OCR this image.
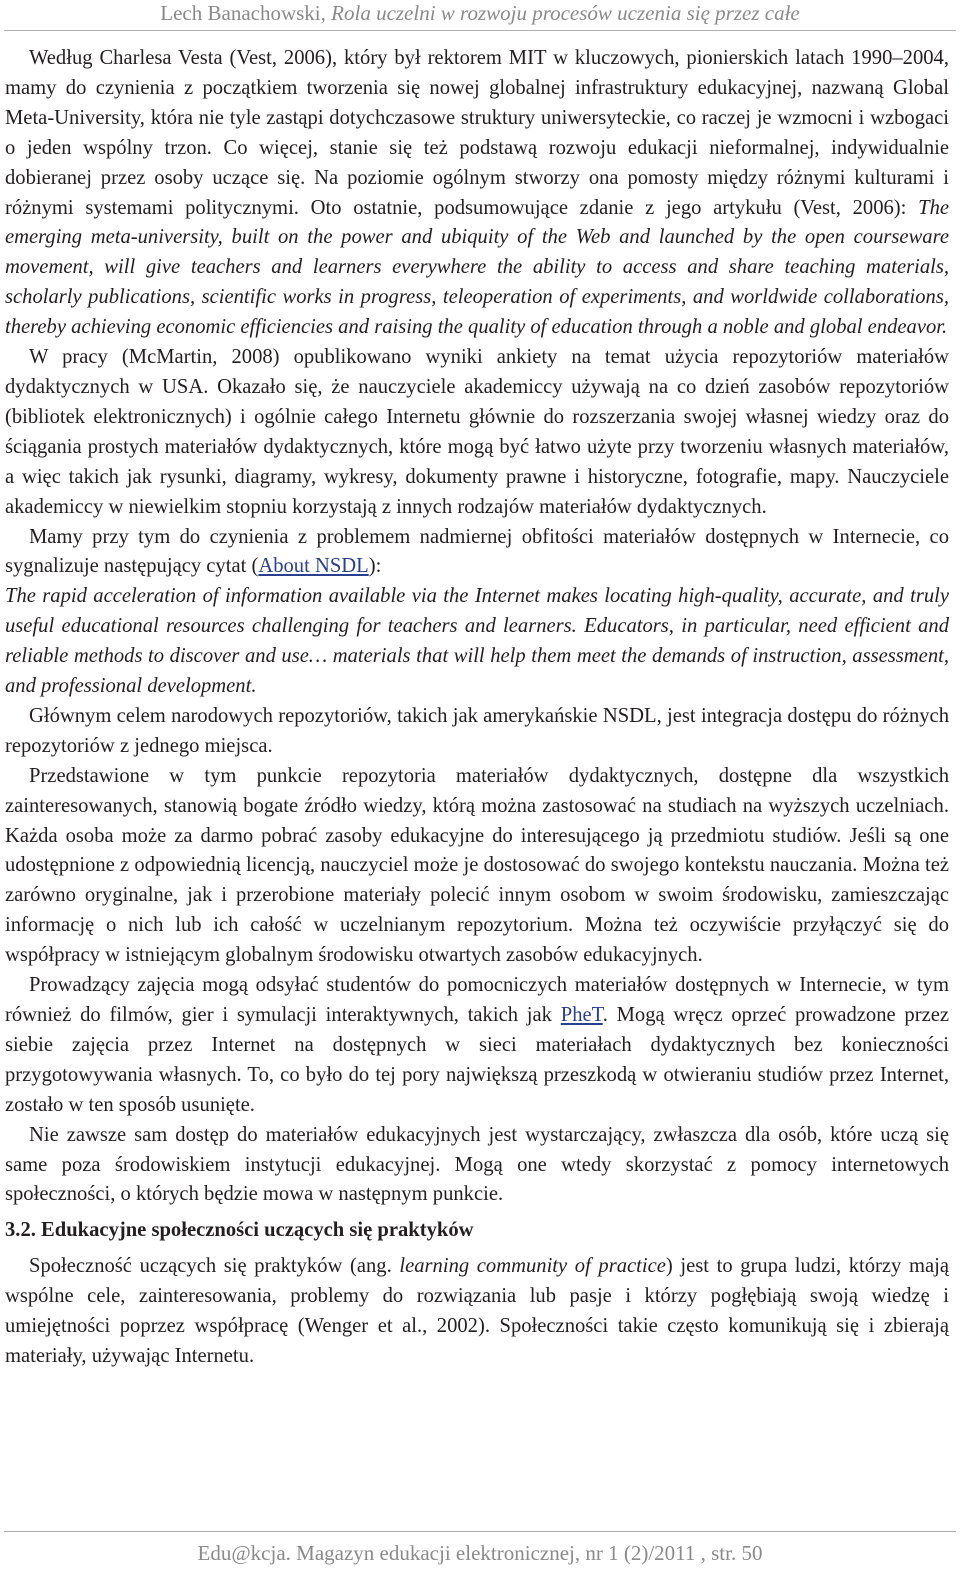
Lech Banachowski, Rola uczelni w rozwoju procesów uczenia się przez całe

Według Charlesa Vesta (Vest, 2006), który był rektorem MIT w kluczowych, pionierskich latach 1990–2004, mamy do czynienia z początkiem tworzenia się nowej globalnej infrastruktury edukacyjnej, nazwaną Global Meta-University, która nie tyle zastąpi dotychczasowe struktury uniwersyteckie, co raczej je wzmocni i wzbogaci o jeden wspólny trzon. Co więcej, stanie się też podstawą rozwoju edukacji nieformalnej, indywidualnie dobieranej przez osoby uczące się. Na poziomie ogólnym stworzy ona pomosty między różnymi kulturami i różnymi systemami politycznymi. Oto ostatnie, podsumowujące zdanie z jego artykułu (Vest, 2006): The emerging meta-university, built on the power and ubiquity of the Web and launched by the open courseware movement, will give teachers and learners everywhere the ability to access and share teaching materials, scholarly publications, scientific works in progress, teleoperation of experiments, and worldwide collaborations, thereby achieving economic efficiencies and raising the quality of education through a noble and global endeavor.

W pracy (McMartin, 2008) opublikowano wyniki ankiety na temat użycia repozytoriów materiałów dydaktycznych w USA. Okazało się, że nauczyciele akademiccy używają na co dzień zasobów repozytoriów (bibliotek elektronicznych) i ogólnie całego Internetu głównie do rozszerzania swojej własnej wiedzy oraz do ściągania prostych materiałów dydaktycznych, które mogą być łatwo użyte przy tworzeniu własnych materiałów, a więc takich jak rysunki, diagramy, wykresy, dokumenty prawne i historyczne, fotografie, mapy. Nauczyciele akademiccy w niewielkim stopniu korzystają z innych rodzajów materiałów dydaktycznych.

Mamy przy tym do czynienia z problemem nadmiernej obfitości materiałów dostępnych w Internecie, co sygnalizuje następujący cytat (About NSDL):

The rapid acceleration of information available via the Internet makes locating high-quality, accurate, and truly useful educational resources challenging for teachers and learners. Educators, in particular, need efficient and reliable methods to discover and use… materials that will help them meet the demands of instruction, assessment, and professional development.

Głównym celem narodowych repozytoriów, takich jak amerykańskie NSDL, jest integracja dostępu do różnych repozytoriów z jednego miejsca.

Przedstawione w tym punkcie repozytoria materiałów dydaktycznych, dostępne dla wszystkich zainteresowanych, stanowią bogate źródło wiedzy, którą można zastosować na studiach na wyższych uczelniach. Każda osoba może za darmo pobrać zasoby edukacyjne do interesującego ją przedmiotu studiów. Jeśli są one udostępnione z odpowiednią licencją, nauczyciel może je dostosować do swojego kontekstu nauczania. Można też zarówno oryginalne, jak i przerobione materiały polecić innym osobom w swoim środowisku, zamieszczając informację o nich lub ich całość w uczelnianym repozytorium. Można też oczywiście przyłączyć się do współpracy w istniejącym globalnym środowisku otwartych zasobów edukacyjnych.

Prowadzący zajęcia mogą odsyłać studentów do pomocniczych materiałów dostępnych w Internecie, w tym również do filmów, gier i symulacji interaktywnych, takich jak PheT. Mogą wręcz oprzeć prowadzone przez siebie zajęcia przez Internet na dostępnych w sieci materiałach dydaktycznych bez konieczności przygotowywania własnych. To, co było do tej pory największą przeszkodą w otwieraniu studiów przez Internet, zostało w ten sposób usunięte.

Nie zawsze sam dostęp do materiałów edukacyjnych jest wystarczający, zwłaszcza dla osób, które uczą się same poza środowiskiem instytucji edukacyjnej. Mogą one wtedy skorzystać z pomocy internetowych społeczności, o których będzie mowa w następnym punkcie.

3.2. Edukacyjne społeczności uczących się praktyków

Społeczność uczących się praktyków (ang. learning community of practice) jest to grupa ludzi, którzy mają wspólne cele, zainteresowania, problemy do rozwiązania lub pasje i którzy pogłębiają swoją wiedzę i umiejętności poprzez współpracę (Wenger et al., 2002). Społeczności takie często komunikują się i zbierają materiały, używając Internetu.

Edu@kcja. Magazyn edukacji elektronicznej, nr 1 (2)/2011 , str. 50
